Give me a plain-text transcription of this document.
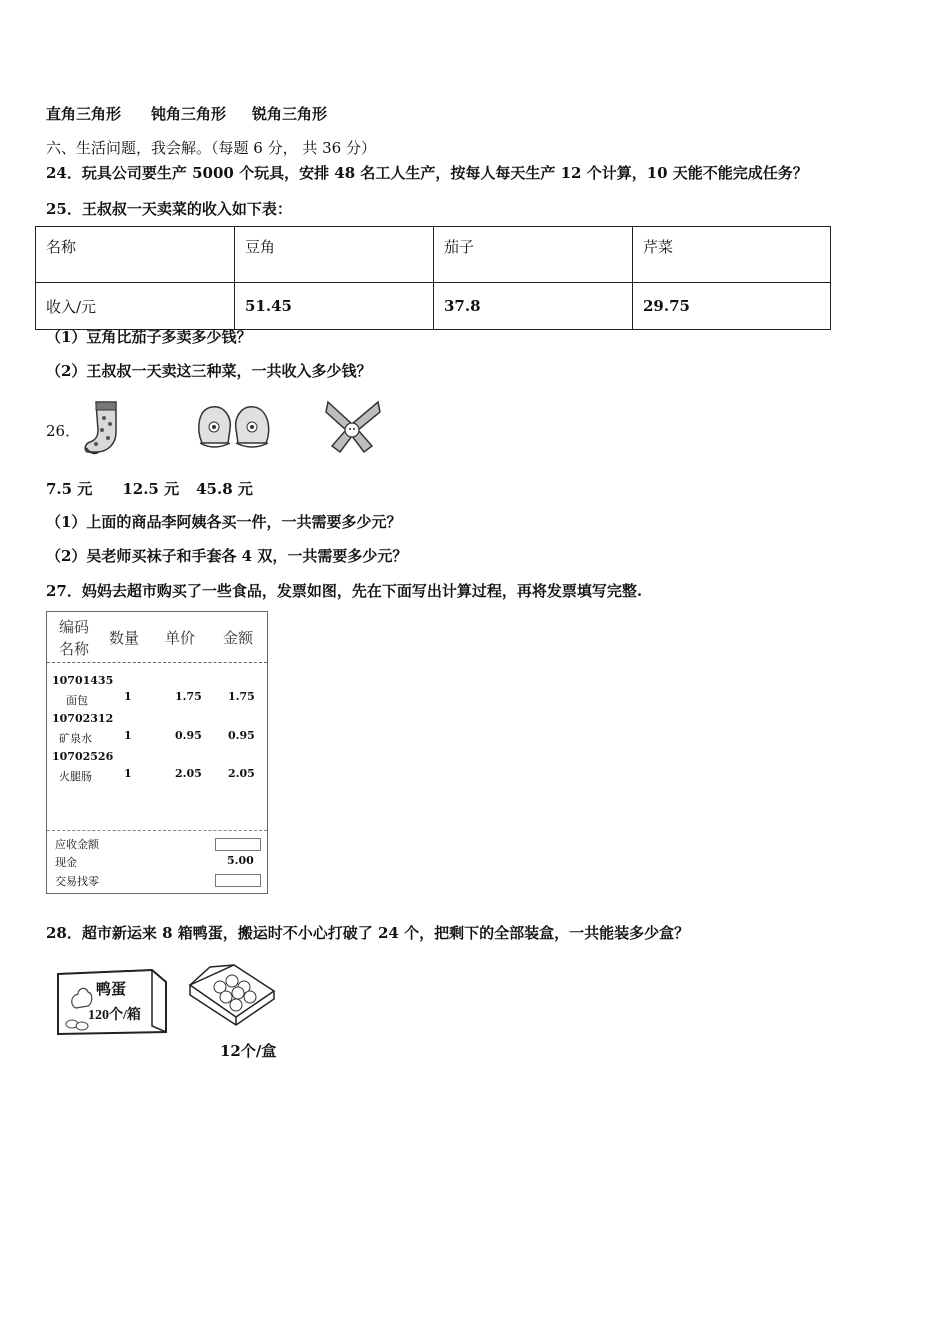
直角三角形 钝角三角形 锐角三角形
六、生活问题，我会解。（每题 6 分， 共 36 分）
24．玩具公司要生产 5000 个玩具，安排 48 名工人生产，按每人每天生产 12 个计算，10 天能不能完成任务？
25．王叔叔一天卖菜的收入如下表：
名称	豆角	茄子	芹菜
收入/元	51.45	37.8	29.75
（1）豆角比茄子多卖多少钱？
（2）王叔叔一天卖这三种菜，一共收入多少钱？
26．
7.5 元 12.5 元 45.8 元
（1）上面的商品李阿姨各买一件，一共需要多少元？
（2）吴老师买袜子和手套各 4 双，一共需要多少元？
27．妈妈去超市购买了一些食品，发票如图，先在下面写出计算过程，再将发票填写完整.
编码
名称
数量 单价 金额
10701435
面包	1	1.75 1.75
10702312
矿泉水	1	0.95 0.95
10702526
火腿肠	1	2.05 2.05
应收金额
现金	5.00
交易找零
28．超市新运来 8 箱鸭蛋，搬运时不小心打破了 24 个，把剩下的全部装盒，一共能装多少盒？
鸭蛋
120个/箱
12个/盒
